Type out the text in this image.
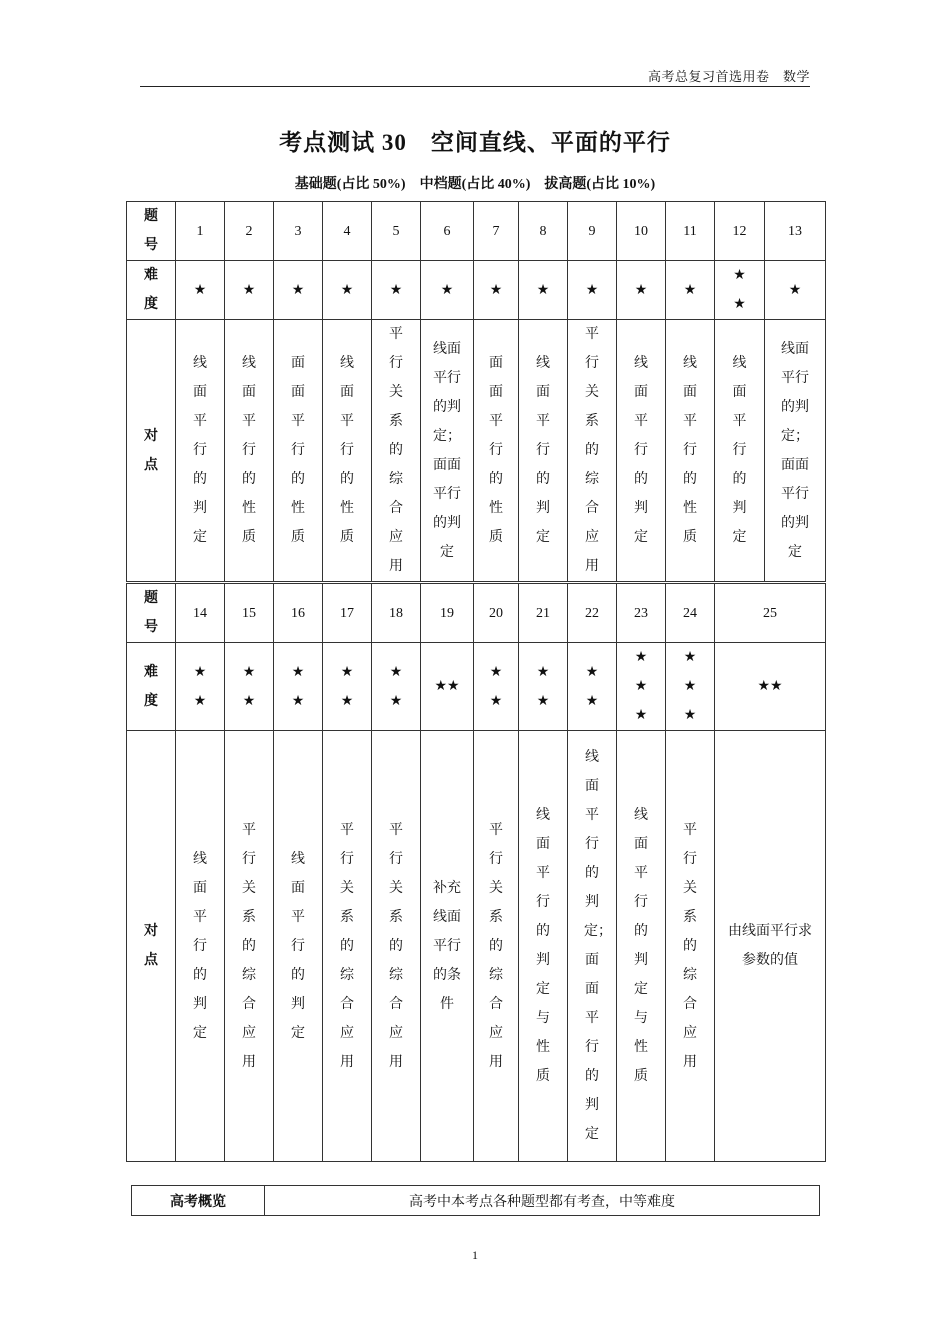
高考总复习首选用卷　数学
考点测试 30　空间直线、平面的平行
基础题(占比 50%)　中档题(占比 40%)　拔高题(占比 10%)
题号	1	2	3	4	5	6	7	8	9	10	11	12	13
难度	★	★	★	★	★	★	★	★	★	★	★	★★	★
对点	线面平行的判定	线面平行的性质	面面平行的性质	线面平行的性质	平行关系的综合应用	线面平行的判定；面面平行的判定	面面平行的性质	线面平行的判定	平行关系的综合应用	线面平行的判定	线面平行的性质	线面平行的判定	线面平行的判定；面面平行的判定
题号	14	15	16	17	18	19	20	21	22	23	24	25	
难度	★★	★★	★★	★★	★★	★★	★★	★★	★★	★★★	★★★	★★	
对点	线面平行的判定	平行关系的综合应用	线面平行的判定	平行关系的综合应用	平行关系的综合应用	补充线面平行的条件	平行关系的综合应用	线面平行的判定与性质	线面平行的判定；面面平行的判定	线面平行的判定与性质	平行关系的综合应用	由线面平行求参数的值	
高考概览	高考中本考点各种题型都有考查，中等难度
1
